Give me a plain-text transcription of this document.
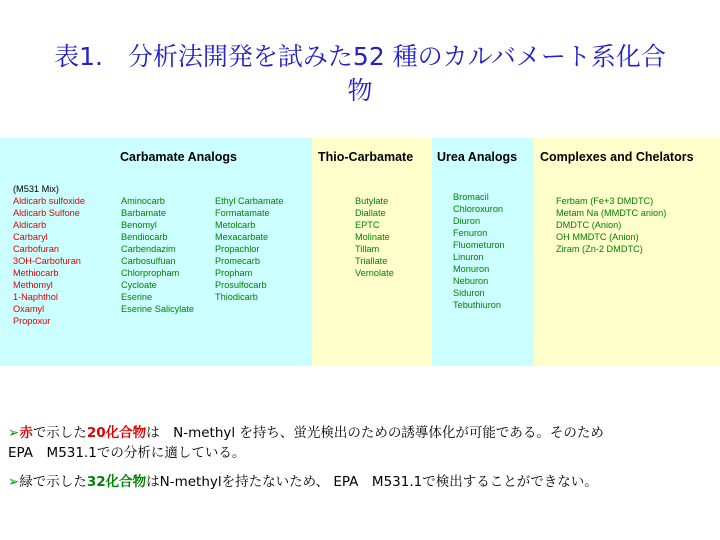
表1.　分析法開発を試みた52 種のカルバメート系化合
物
Carbamate Analogs	Thio-Carbamate Urea Analogs Complexes and Chelators
(M531 Mix)
Aldicarb sulfoxide
Aldicarb Sulfone
Aldicarb
Carbaryl
Carbofuran
3OH-Carbofuran
Methiocarb
Methomyl
1-Naphthol
Oxamyl
Propoxur
Aminocarb
Barbamate
Benomyl
Bendiocarb
Carbendazim
Carbosulfuan
Chlorpropham
Cycloate
Eserine
Eserine Salicylate
Ethyl Carbamate
Formatamate
Metolcarb
Mexacarbate
Propachlor
Promecarb
Propham
Prosulfocarb
Thiodicarb
Butylate
Diallate
EPTC
Molinate
Tillam
Triallate
Vernolate
Bromacil
Chloroxuron
Diuron
Fenuron
Fluometuron
Linuron
Monuron
Neburon
Siduron
Tebuthiuron
Ferbam (Fe+3 DMDTC)
Metam Na (MMDTC anion)
DMDTC (Anion)
OH MMDTC (Anion)
Ziram (Zn-2 DMDTC)
➢赤で示した20化合物は　N-methyl を持ち、蛍光検出のための誘導体化が可能である。そのため
EPA　M531.1での分析に適している。
➢緑で示した32化合物はN-methylを持たないため、 EPA　M531.1で検出することができない。
